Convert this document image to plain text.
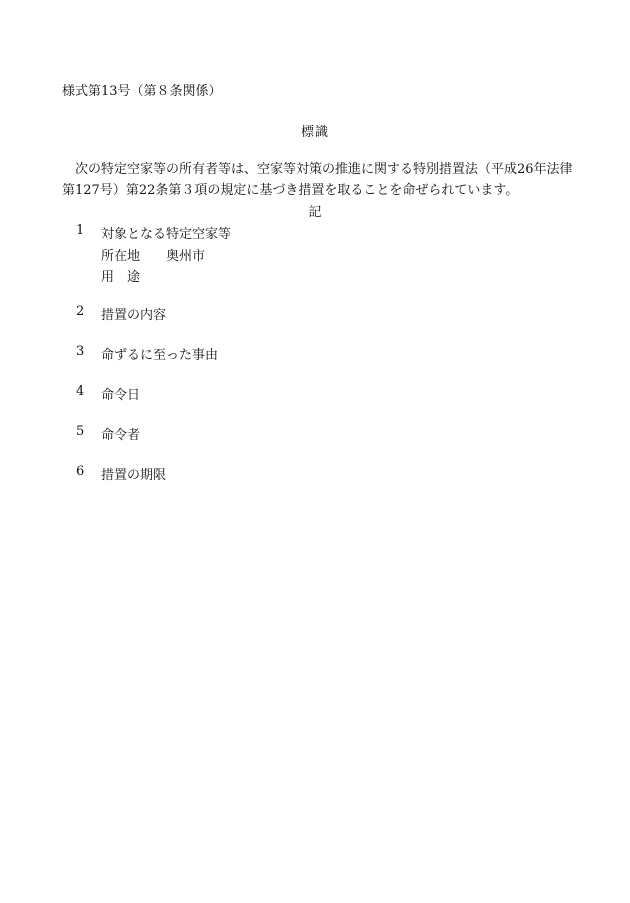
様式第13号（第８条関係）
標識
次の特定空家等の所有者等は、空家等対策の推進に関する特別措置法（平成26年法律第127号）第22条第３項の規定に基づき措置を取ることを命ぜられています。
記
1	対象となる特定空家等
所在地 奥州市
用　途
2	措置の内容
3	命ずるに至った事由
4	命令日
5	命令者
6	措置の期限
